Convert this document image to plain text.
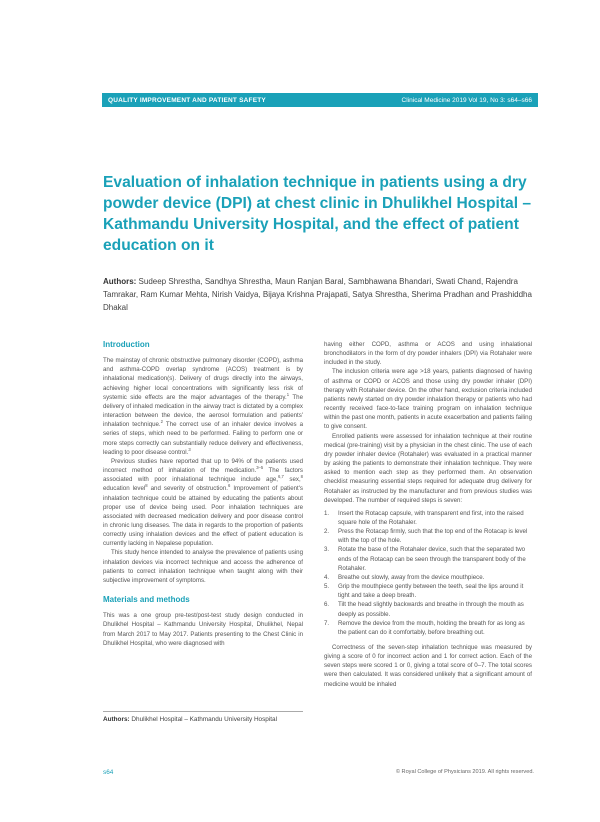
QUALITY IMPROVEMENT AND PATIENT SAFETY	Clinical Medicine 2019 Vol 19, No 3: s64–s66
Evaluation of inhalation technique in patients using a dry powder device (DPI) at chest clinic in Dhulikhel Hospital – Kathmandu University Hospital, and the effect of patient education on it

Authors: Sudeep Shrestha, Sandhya Shrestha, Maun Ranjan Baral, Sambhawana Bhandari, Swati Chand, Rajendra Tamrakar, Ram Kumar Mehta, Nirish Vaidya, Bijaya Krishna Prajapati, Satya Shrestha, Sherima Pradhan and Prashiddha Dhakal

Introduction

The mainstay of chronic obstructive pulmonary disorder (COPD), asthma and asthma-COPD overlap syndrome (ACOS) treatment is by inhalational medication(s). Delivery of drugs directly into the airways, achieving higher local concentrations with significantly less risk of systemic side effects are the major advantages of the therapy.$^1$ The delivery of inhaled medication in the airway tract is dictated by a complex interaction between the device, the aerosol formulation and patients' inhalation technique.$^2$ The correct use of an inhaler device involves a series of steps, which need to be performed. Failing to perform one or more steps correctly can substantially reduce delivery and effectiveness, leading to poor disease control.$^3$

Previous studies have reported that up to 94% of the patients used incorrect method of inhalation of the medication.$^{3-5}$ The factors associated with poor inhalational technique include age,$^{6,7}$ sex,$^8$ education level$^8$ and severity of obstruction.$^6$ Improvement of patient's inhalation technique could be attained by educating the patients about proper use of device being used. Poor inhalation techniques are associated with decreased medication delivery and poor disease control in chronic lung diseases. The data in regards to the proportion of patients correctly using inhalation devices and the effect of patient education is currently lacking in Nepalese population.

This study hence intended to analyse the prevalence of patients using inhalation devices via incorrect technique and access the adherence of patients to correct inhalation technique when taught along with their subjective improvement of symptoms.

Materials and methods

This was a one group pre-test/post-test study design conducted in Dhulikhel Hospital – Kathmandu University Hospital, Dhulikhel, Nepal from March 2017 to May 2017. Patients presenting to the Chest Clinic in Dhulikhel Hospital, who were diagnosed with

having either COPD, asthma or ACOS and using inhalational bronchodilators in the form of dry powder inhalers (DPI) via Rotahaler were included in the study.

The inclusion criteria were age >18 years, patients diagnosed of having of asthma or COPD or ACOS and those using dry powder inhaler (DPI) therapy with Rotahaler device. On the other hand, exclusion criteria included patients newly started on dry powder inhalation therapy or patients who had recently received face-to-face training program on inhalation technique within the past one month, patients in acute exacerbation and patients failing to give consent.

Enrolled patients were assessed for inhalation technique at their routine medical (pre-training) visit by a physician in the chest clinic. The use of each dry powder inhaler device (Rotahaler) was evaluated in a practical manner by asking the patients to demonstrate their inhalation technique. They were asked to mention each step as they performed them. An observation checklist measuring essential steps required for adequate drug delivery for Rotahaler as instructed by the manufacturer and from previous studies was developed. The number of required steps is seven:

1. Insert the Rotacap capsule, with transparent end first, into the raised square hole of the Rotahaler.
2. Press the Rotacap firmly, such that the top end of the Rotacap is level with the top of the hole.
3. Rotate the base of the Rotahaler device, such that the separated two ends of the Rotacap can be seen through the transparent body of the Rotahaler.
4. Breathe out slowly, away from the device mouthpiece.
5. Grip the mouthpiece gently between the teeth, seal the lips around it tight and take a deep breath.
6. Tilt the head slightly backwards and breathe in through the mouth as deeply as possible.
7. Remove the device from the mouth, holding the breath for as long as the patient can do it comfortably, before breathing out.

Correctness of the seven-step inhalation technique was measured by giving a score of 0 for incorrect action and 1 for correct action. Each of the seven steps were scored 1 or 0, giving a total score of 0–7. The total scores were then calculated. It was considered unlikely that a significant amount of medicine would be inhaled

Authors: Dhulikhel Hospital – Kathmandu University Hospital
s64	© Royal College of Physicians 2019. All rights reserved.
